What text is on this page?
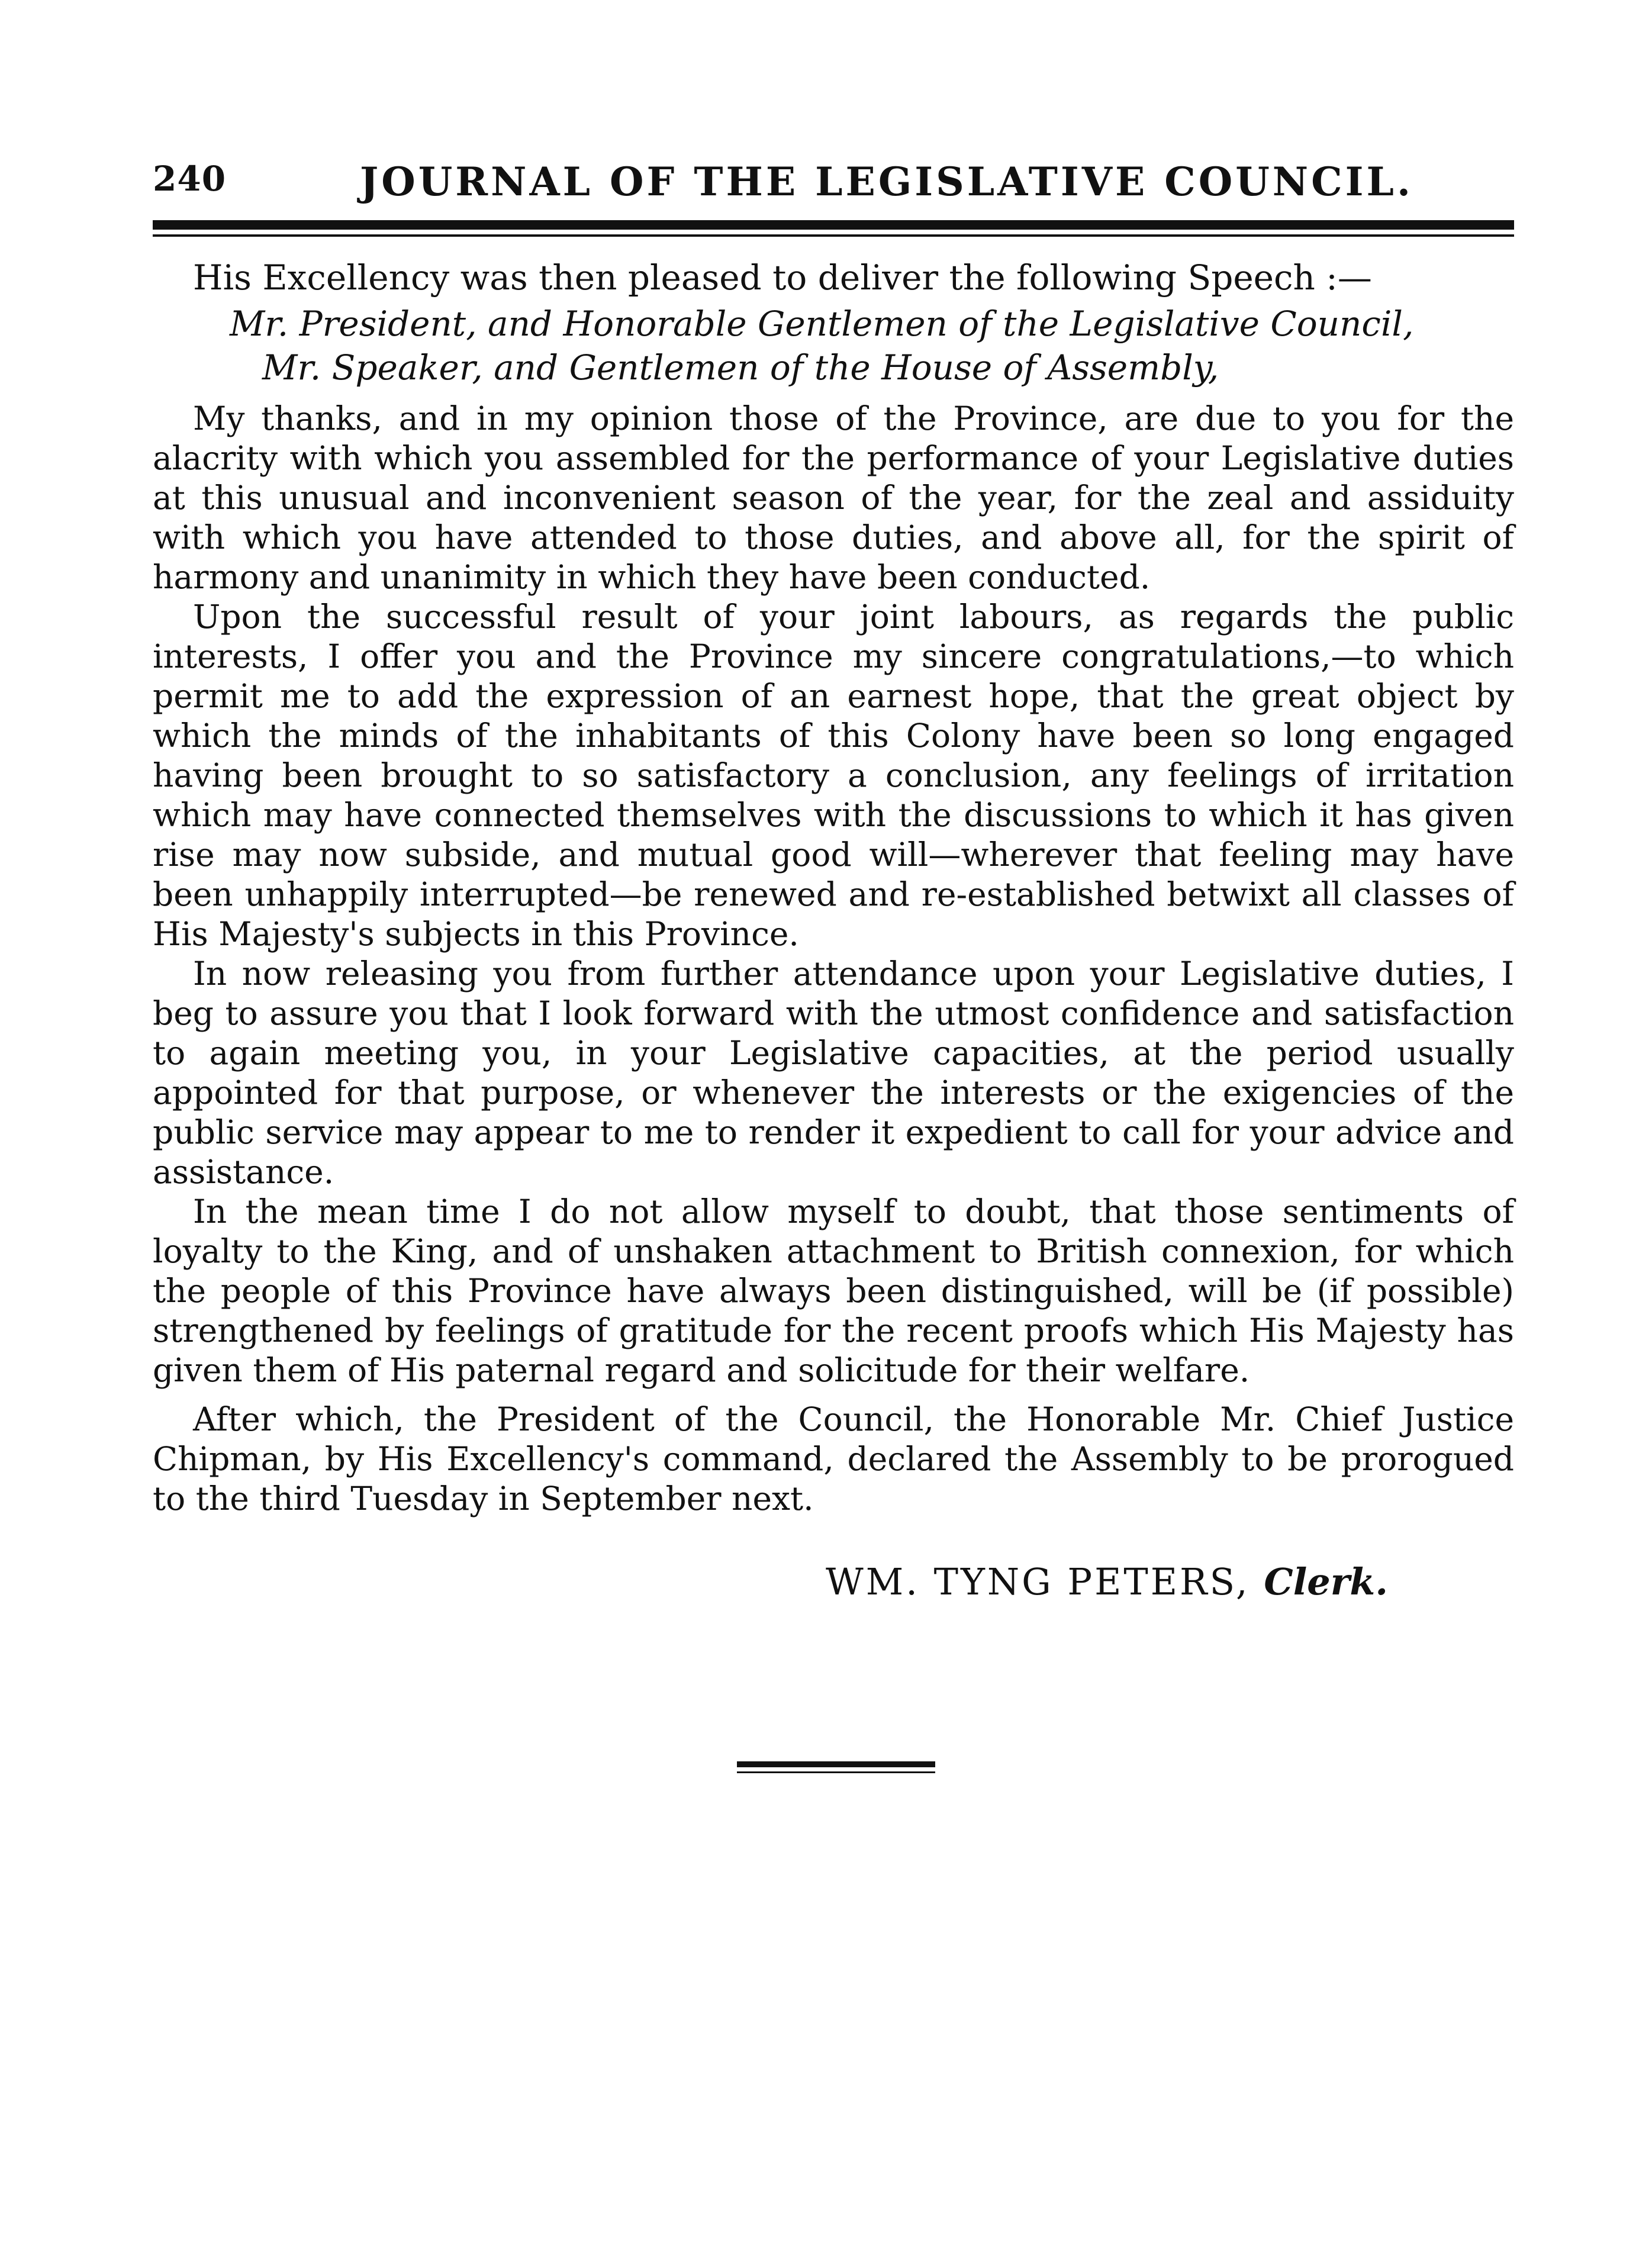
240	JOURNAL OF THE LEGISLATIVE COUNCIL.

His Excellency was then pleased to deliver the following Speech :—

Mr. President, and Honorable Gentlemen of the Legislative Council,

Mr. Speaker, and Gentlemen of the House of Assembly,

My thanks, and in my opinion those of the Province, are due to you for the alacrity with which you assembled for the performance of your Legislative duties at this unusual and inconvenient season of the year, for the zeal and assiduity with which you have attended to those duties, and above all, for the spirit of harmony and unanimity in which they have been conducted.

Upon the successful result of your joint labours, as regards the public interests, I offer you and the Province my sincere congratulations,—to which permit me to add the expression of an earnest hope, that the great object by which the minds of the inhabitants of this Colony have been so long engaged having been brought to so satisfactory a conclusion, any feelings of irritation which may have connected themselves with the discussions to which it has given rise may now subside, and mutual good will—wherever that feeling may have been unhappily interrupted—be renewed and re-established betwixt all classes of His Majesty's subjects in this Province.

In now releasing you from further attendance upon your Legislative duties, I beg to assure you that I look forward with the utmost confidence and satisfaction to again meeting you, in your Legislative capacities, at the period usually appointed for that purpose, or whenever the interests or the exigencies of the public service may appear to me to render it expedient to call for your advice and assistance.

In the mean time I do not allow myself to doubt, that those sentiments of loyalty to the King, and of unshaken attachment to British connexion, for which the people of this Province have always been distinguished, will be (if possible) strengthened by feelings of gratitude for the recent proofs which His Majesty has given them of His paternal regard and solicitude for their welfare.

After which, the President of the Council, the Honorable Mr. Chief Justice Chipman, by His Excellency's command, declared the Assembly to be prorogued to the third Tuesday in September next.

WM. TYNG PETERS, Clerk.
